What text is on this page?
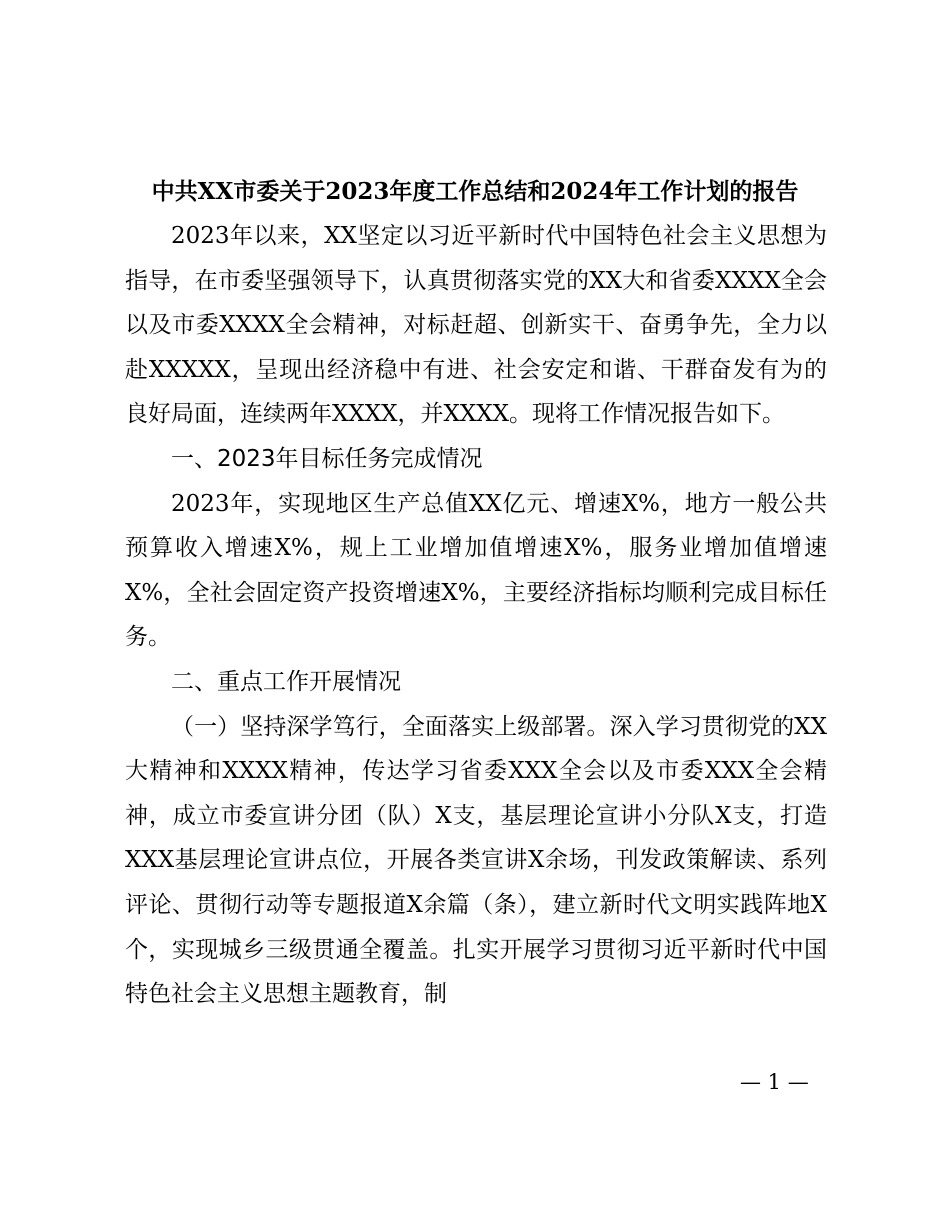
中共XX市委关于2023年度工作总结和2024年工作计划的报告

2023年以来，XX坚定以习近平新时代中国特色社会主义思想为指导，在市委坚强领导下，认真贯彻落实党的XX大和省委XXXX全会以及市委XXXX全会精神，对标赶超、创新实干、奋勇争先，全力以赴XXXXX，呈现出经济稳中有进、社会安定和谐、干群奋发有为的良好局面，连续两年XXXX，并XXXX。现将工作情况报告如下。

一、2023年目标任务完成情况

2023年，实现地区生产总值XX亿元、增速X%，地方一般公共预算收入增速X%，规上工业增加值增速X%，服务业增加值增速X%，全社会固定资产投资增速X%，主要经济指标均顺利完成目标任务。

二、重点工作开展情况

（一）坚持深学笃行，全面落实上级部署。深入学习贯彻党的XX大精神和XXXX精神，传达学习省委XXX全会以及市委XXX全会精神，成立市委宣讲分团（队）X支，基层理论宣讲小分队X支，打造XXX基层理论宣讲点位，开展各类宣讲X余场，刊发政策解读、系列评论、贯彻行动等专题报道X余篇（条），建立新时代文明实践阵地X个，实现城乡三级贯通全覆盖。扎实开展学习贯彻习近平新时代中国特色社会主义思想主题教育，制

— 1 —
